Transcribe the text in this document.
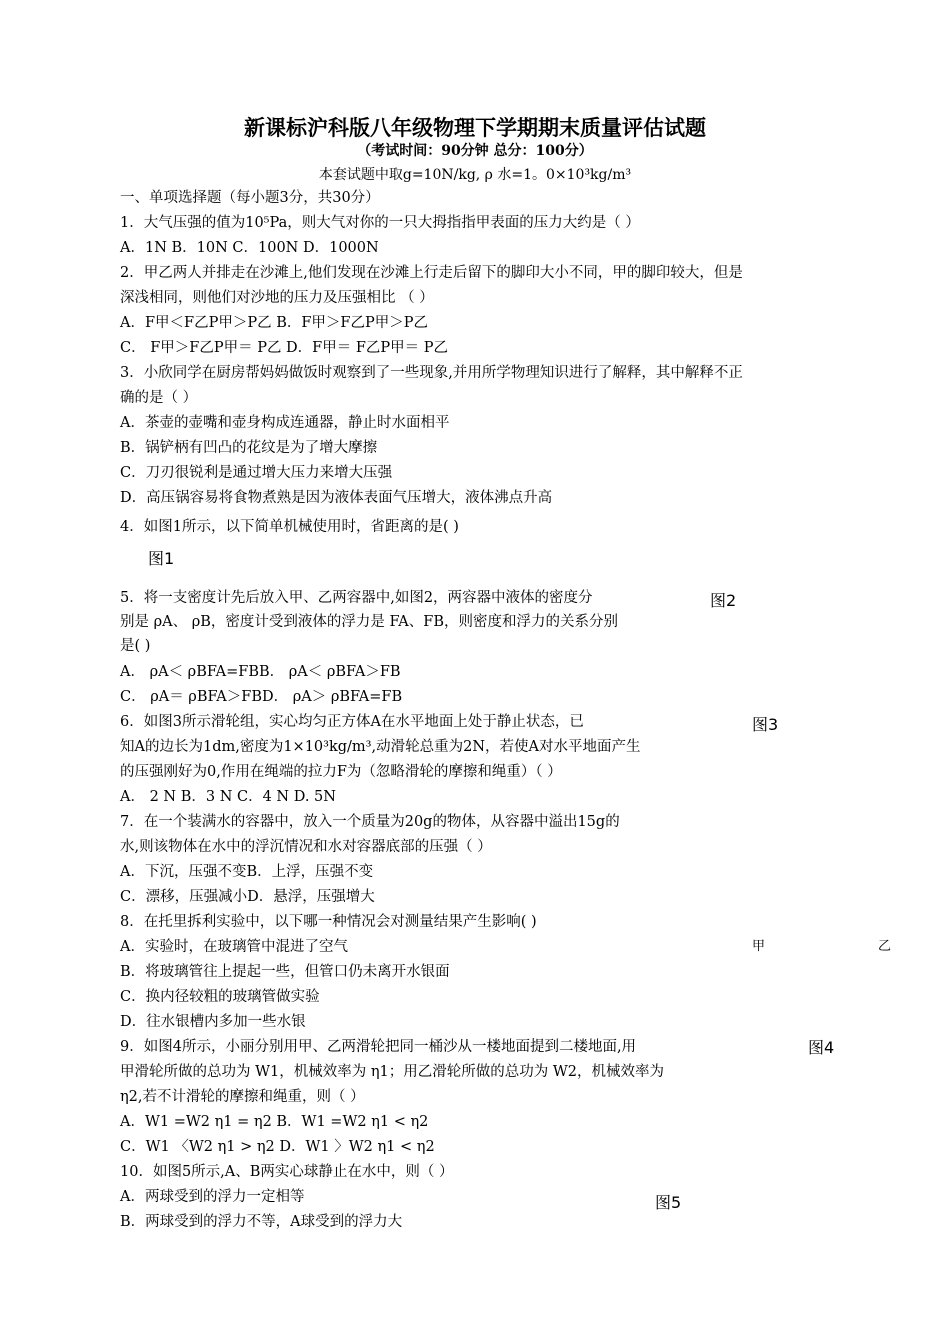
新课标沪科版八年级物理下学期期末质量评估试题
（考试时间：90分钟 总分：100分）
本套试题中取g=10N/kg, ρ 水=1。0×10³kg/m³
一、单项选择题（每小题3分，共30分）
1．大气压强的值为10⁵Pa，则大气对你的一只大拇指指甲表面的压力大约是（ ）
A．1N B．10N C．100N D．1000N
2．甲乙两人并排走在沙滩上,他们发现在沙滩上行走后留下的脚印大小不同，甲的脚印较大，但是
深浅相同，则他们对沙地的压力及压强相比 （ ）
A．F甲＜F乙P甲＞P乙 B．F甲＞F乙P甲＞P乙
C． F甲＞F乙P甲＝ P乙 D．F甲＝ F乙P甲＝ P乙
3．小欣同学在厨房帮妈妈做饭时观察到了一些现象,并用所学物理知识进行了解释，其中解释不正
确的是（ ）
A．茶壶的壶嘴和壶身构成连通器，静止时水面相平
B．锅铲柄有凹凸的花纹是为了增大摩擦
C．刀刃很锐利是通过增大压力来增大压强
D．高压锅容易将食物煮熟是因为液体表面气压增大，液体沸点升高
4．如图1所示，以下简单机械使用时，省距离的是( )
图1
5．将一支密度计先后放入甲、乙两容器中,如图2，两容器中液体的密度分
别是 ρA、 ρB，密度计受到液体的浮力是 FA、FB，则密度和浮力的关系分别
是( )
A． ρA＜ ρBFA=FBB． ρA＜ ρBFA＞FB
C． ρA＝ ρBFA＞FBD． ρA＞ ρBFA=FB
6．如图3所示滑轮组，实心均匀正方体A在水平地面上处于静止状态，已
知A的边长为1dm,密度为1×10³kg/m³,动滑轮总重为2N，若使A对水平地面产生
的压强刚好为0,作用在绳端的拉力F为（忽略滑轮的摩擦和绳重）（ ）
A． 2 N B．3 N C．4 N D. 5N
7．在一个装满水的容器中，放入一个质量为20g的物体，从容器中溢出15g的
水,则该物体在水中的浮沉情况和水对容器底部的压强（ ）
A．下沉，压强不变B．上浮，压强不变
C．漂移，压强减小D．悬浮，压强增大
8．在托里拆利实验中，以下哪一种情况会对测量结果产生影响( )
A．实验时，在玻璃管中混进了空气
B．将玻璃管往上提起一些，但管口仍未离开水银面
C．换内径较粗的玻璃管做实验
D．往水银槽内多加一些水银
9．如图4所示，小丽分别用甲、乙两滑轮把同一桶沙从一楼地面提到二楼地面,用
甲滑轮所做的总功为 W1，机械效率为 η1；用乙滑轮所做的总功为 W2，机械效率为
η2,若不计滑轮的摩擦和绳重，则（ ）
A．W1 =W2 η1 = η2 B．W1 =W2 η1 < η2
C．W1 〈W2 η1 > η2 D．W1 〉W2 η1 < η2
10．如图5所示,A、B两实心球静止在水中，则（ ）
A．两球受到的浮力一定相等
B．两球受到的浮力不等，A球受到的浮力大
图2
图3
甲	乙
图4
图5
